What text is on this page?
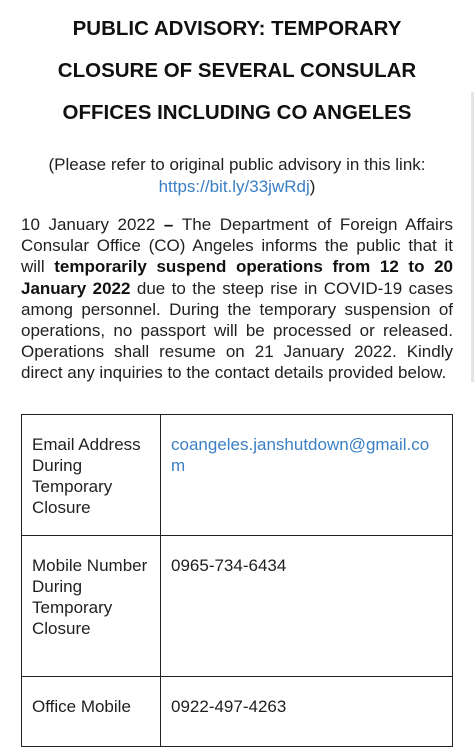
PUBLIC ADVISORY: TEMPORARY
CLOSURE OF SEVERAL CONSULAR
OFFICES INCLUDING CO ANGELES

(Please refer to original public advisory in this link:
https://bit.ly/33jwRdj)

10 January 2022 – The Department of Foreign Affairs Consular Office (CO) Angeles informs the public that it will temporarily suspend operations from 12 to 20 January 2022 due to the steep rise in COVID-19 cases among personnel. During the temporary suspension of operations, no passport will be processed or released. Operations shall resume on 21 January 2022. Kindly direct any inquiries to the contact details provided below.

Email Address During Temporary Closure	coangeles.janshutdown@gmail.com
Mobile Number During Temporary Closure	0965-734-6434
Office Mobile	0922-497-4263
